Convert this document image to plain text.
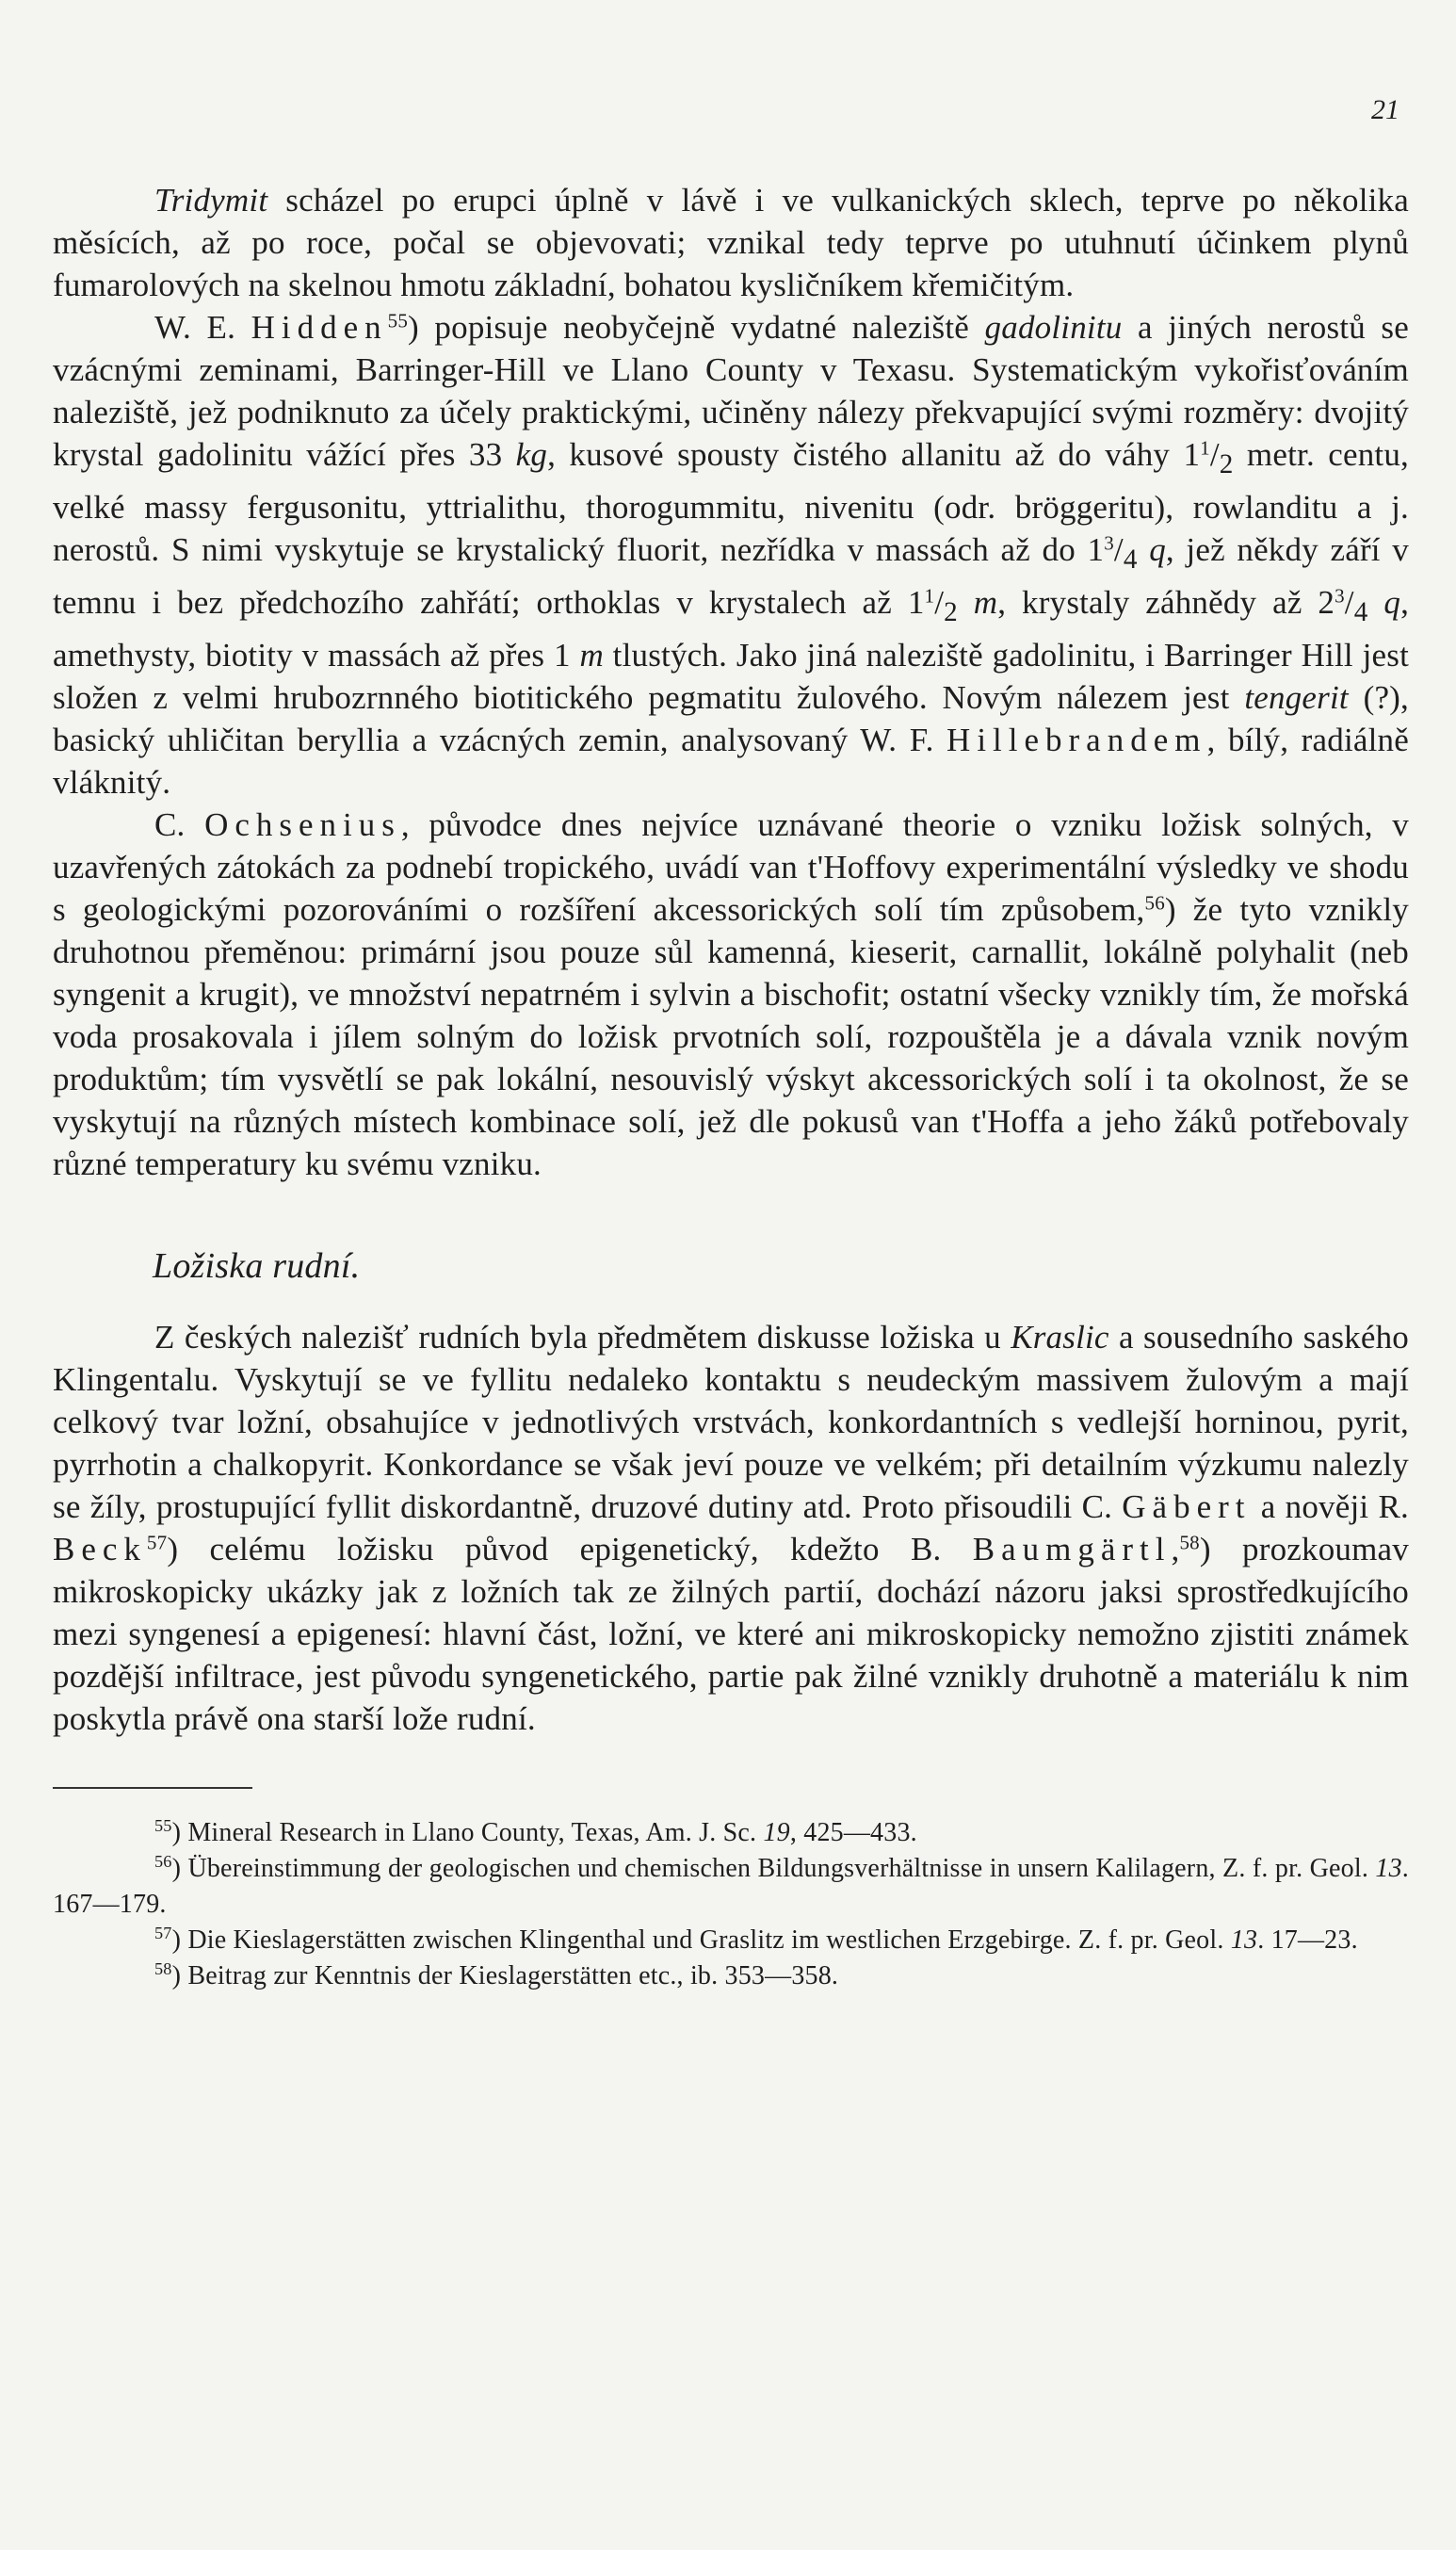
21

Tridymit scházel po erupci úplně v lávě i ve vulkanických sklech, teprve po několika měsících, až po roce, počal se objevovati; vznikal tedy teprve po utuhnutí účinkem plynů fumarolových na skelnou hmotu základní, bohatou kysličníkem křemičitým.

W. E. Hidden$^{55}$) popisuje neobyčejně vydatné naleziště gadolinitu a jiných nerostů se vzácnými zeminami, Barringer-Hill ve Llano County v Texasu. Systematickým vykořisťováním naleziště, jež podniknuto za účely praktickými, učiněny nálezy překvapující svými rozměry: dvojitý krystal gadolinitu vážící přes 33 kg, kusové spousty čistého allanitu až do váhy $1^1/_2$ metr. centu, velké massy fergusonitu, yttrialithu, thorogummitu, nivenitu (odr. bröggeritu), rowlanditu a j. nerostů. S nimi vyskytuje se krystalický fluorit, nezřídka v massách až do $1^3/_4$ q, jež někdy září v temnu i bez předchozího zahřátí; orthoklas v krystalech až $1^1/_2$ m, krystaly záhnědy až $2^3/_4$ q, amethysty, biotity v massách až přes 1 m tlustých. Jako jiná naleziště gadolinitu, i Barringer Hill jest složen z velmi hrubozrnného biotitického pegmatitu žulového. Novým nálezem jest tengerit (?), basický uhličitan beryllia a vzácných zemin, analysovaný W. F. Hillebrandem, bílý, radiálně vláknitý.

C. Ochsenius, původce dnes nejvíce uznávané theorie o vzniku ložisk solných, v uzavřených zátokách za podnebí tropického, uvádí van t'Hoffovy experimentální výsledky ve shodu s geologickými pozorováními o rozšíření akcessorických solí tím způsobem,$^{56}$) že tyto vznikly druhotnou přeměnou: primární jsou pouze sůl kamenná, kieserit, carnallit, lokálně polyhalit (neb syngenit a krugit), ve množství nepatrném i sylvin a bischofit; ostatní všecky vznikly tím, že mořská voda prosakovala i jílem solným do ložisk prvotních solí, rozpouštěla je a dávala vznik novým produktům; tím vysvětlí se pak lokální, nesouvislý výskyt akcessorických solí i ta okolnost, že se vyskytují na různých místech kombinace solí, jež dle pokusů van t'Hoffa a jeho žáků potřebovaly různé temperatury ku svému vzniku.

Ložiska rudní.

Z českých nalezišť rudních byla předmětem diskusse ložiska u Kraslic a sousedního saského Klingentalu. Vyskytují se ve fyllitu nedaleko kontaktu s neudeckým massivem žulovým a mají celkový tvar ložní, obsahujíce v jednotlivých vrstvách, konkordantních s vedlejší horninou, pyrit, pyrrhotin a chalkopyrit. Konkordance se však jeví pouze ve velkém; při detailním výzkumu nalezly se žíly, prostupující fyllit diskordantně, druzové dutiny atd. Proto přisoudili C. Gäbert a nověji R. Beck$^{57}$) celému ložisku původ epigenetický, kdežto B. Baumgärtl,$^{58}$) prozkoumav mikroskopicky ukázky jak z ložních tak ze žilných partií, dochází názoru jaksi sprostředkujícího mezi syngenesí a epigenesí: hlavní část, ložní, ve které ani mikroskopicky nemožno zjistiti známek pozdější infiltrace, jest původu syngenetického, partie pak žilné vznikly druhotně a materiálu k nim poskytla právě ona starší lože rudní.

$^{55}$) Mineral Research in Llano County, Texas, Am. J. Sc. 19, 425—433.

$^{56}$) Übereinstimmung der geologischen und chemischen Bildungsverhältnisse in unsern Kalilagern, Z. f. pr. Geol. 13. 167—179.

$^{57}$) Die Kieslagerstätten zwischen Klingenthal und Graslitz im westlichen Erzgebirge. Z. f. pr. Geol. 13. 17—23.

$^{58}$) Beitrag zur Kenntnis der Kieslagerstätten etc., ib. 353—358.
